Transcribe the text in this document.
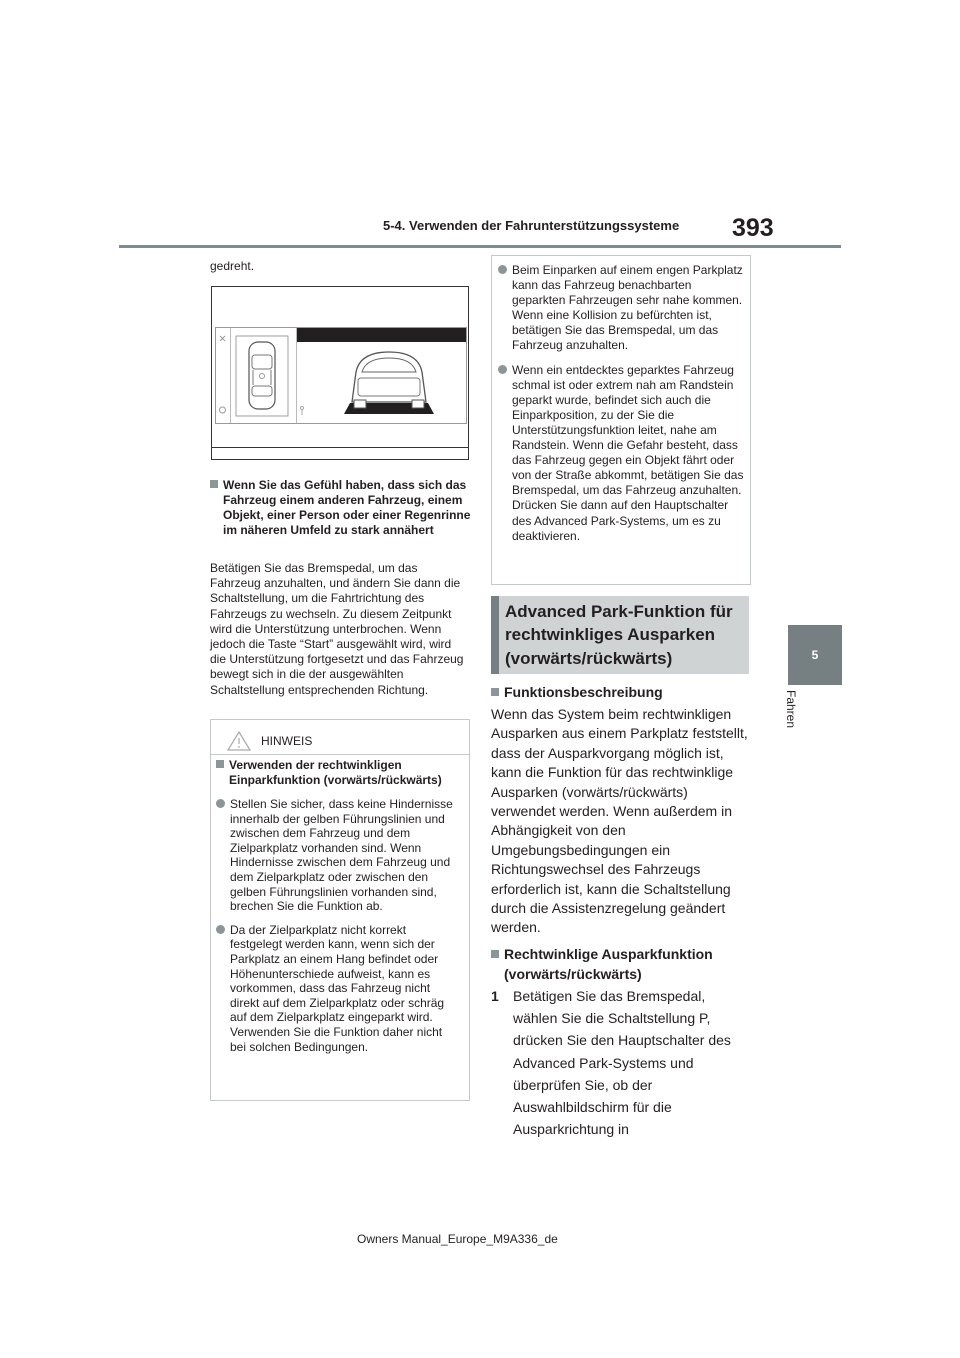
5-4. Verwenden der Fahrunterstützungssysteme 393
5
Fahren
gedreht.
Wenn Sie das Gefühl haben, dass sich das Fahrzeug einem anderen Fahrzeug, einem Objekt, einer Person oder einer Regenrinne im näheren Umfeld zu stark annähert
Betätigen Sie das Bremspedal, um das Fahrzeug anzuhalten, und ändern Sie dann die Schaltstellung, um die Fahrtrichtung des Fahrzeugs zu wechseln. Zu diesem Zeitpunkt wird die Unterstützung unterbrochen. Wenn jedoch die Taste “Start” ausgewählt wird, wird die Unterstützung fortgesetzt und das Fahrzeug bewegt sich in die der ausgewählten Schaltstellung entsprechenden Richtung.
HINWEIS

Verwenden der rechtwinkligen Einparkfunktion (vorwärts/rückwärts)

Stellen Sie sicher, dass keine Hindernisse innerhalb der gelben Führungslinien und zwischen dem Fahrzeug und dem Zielparkplatz vorhanden sind. Wenn Hindernisse zwischen dem Fahrzeug und dem Zielparkplatz oder zwischen den gelben Führungslinien vorhanden sind, brechen Sie die Funktion ab.

Da der Zielparkplatz nicht korrekt festgelegt werden kann, wenn sich der Parkplatz an einem Hang befindet oder Höhenunterschiede aufweist, kann es vorkommen, dass das Fahrzeug nicht direkt auf dem Zielparkplatz oder schräg auf dem Zielparkplatz eingeparkt wird. Verwenden Sie die Funktion daher nicht bei solchen Bedingungen.

Beim Einparken auf einem engen Parkplatz kann das Fahrzeug benachbarten geparkten Fahrzeugen sehr nahe kommen. Wenn eine Kollision zu befürchten ist, betätigen Sie das Bremspedal, um das Fahrzeug anzuhalten.

Wenn ein entdecktes geparktes Fahrzeug schmal ist oder extrem nah am Randstein geparkt wurde, befindet sich auch die Einparkposition, zu der Sie die Unterstützungsfunktion leitet, nahe am Randstein. Wenn die Gefahr besteht, dass das Fahrzeug gegen ein Objekt fährt oder von der Straße abkommt, betätigen Sie das Bremspedal, um das Fahrzeug anzuhalten. Drücken Sie dann auf den Hauptschalter des Advanced Park-Systems, um es zu deaktivieren.

Advanced Park-Funktion für rechtwinkliges Ausparken (vorwärts/rückwärts)
Funktionsbeschreibung
Wenn das System beim rechtwinkligen Ausparken aus einem Parkplatz feststellt, dass der Ausparkvorgang möglich ist, kann die Funktion für das rechtwinklige Ausparken (vorwärts/rückwärts) verwendet werden. Wenn außerdem in Abhängigkeit von den Umgebungsbedingungen ein Richtungswechsel des Fahrzeugs erforderlich ist, kann die Schaltstellung durch die Assistenzregelung geändert werden.
Rechtwinklige Ausparkfunktion (vorwärts/rückwärts)
1 Betätigen Sie das Bremspedal, wählen Sie die Schaltstellung P, drücken Sie den Hauptschalter des Advanced Park-Systems und überprüfen Sie, ob der Auswahlbildschirm für die Ausparkrichtung in
Owners Manual_Europe_M9A336_de
